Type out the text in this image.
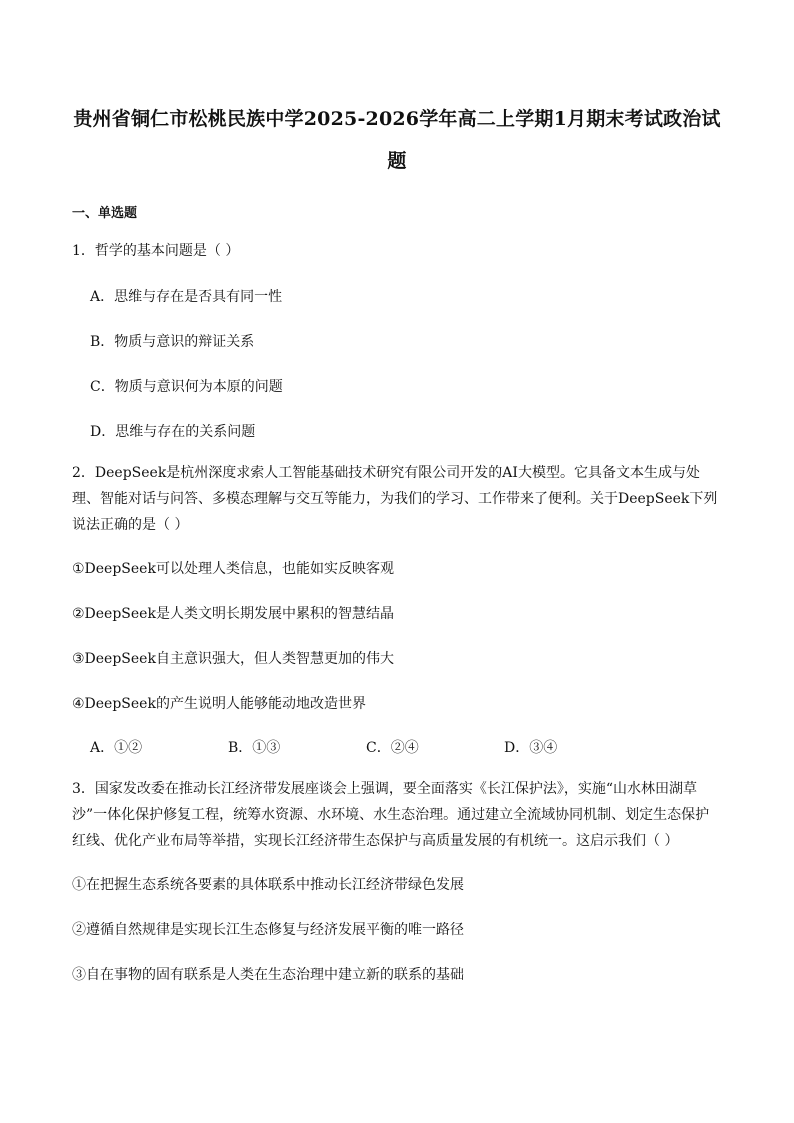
贵州省铜仁市松桃民族中学2025-2026学年高二上学期1月期末考试政治试题
一、单选题
1．哲学的基本问题是（ ）
A．思维与存在是否具有同一性
B．物质与意识的辩证关系
C．物质与意识何为本原的问题
D．思维与存在的关系问题
2．DeepSeek是杭州深度求索人工智能基础技术研究有限公司开发的AI大模型。它具备文本生成与处理、智能对话与问答、多模态理解与交互等能力，为我们的学习、工作带来了便利。关于DeepSeek下列说法正确的是（ ）
①DeepSeek可以处理人类信息，也能如实反映客观
②DeepSeek是人类文明长期发展中累积的智慧结晶
③DeepSeek自主意识强大，但人类智慧更加的伟大
④DeepSeek的产生说明人能够能动地改造世界
A．①②	B．①③	C．②④	D．③④
3．国家发改委在推动长江经济带发展座谈会上强调，要全面落实《长江保护法》，实施“山水林田湖草沙”一体化保护修复工程，统筹水资源、水环境、水生态治理。通过建立全流域协同机制、划定生态保护红线、优化产业布局等举措，实现长江经济带生态保护与高质量发展的有机统一。这启示我们（ ）
①在把握生态系统各要素的具体联系中推动长江经济带绿色发展
②遵循自然规律是实现长江生态修复与经济发展平衡的唯一路径
③自在事物的固有联系是人类在生态治理中建立新的联系的基础
